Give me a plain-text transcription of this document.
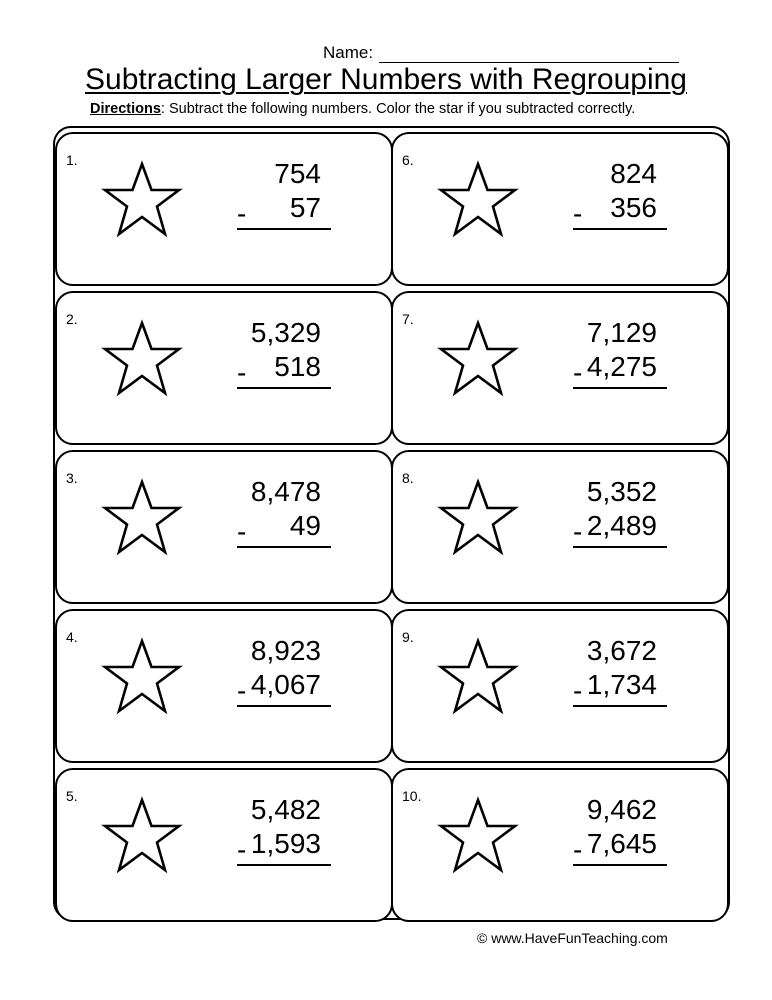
Name:
Subtracting Larger Numbers with Regrouping
Directions: Subtract the following numbers. Color the star if you subtracted correctly.
1.	754
- 57
2.	5,329
- 518
3.	8,478
- 49
4.	8,923
- 4,067
5.	5,482
- 1,593
6.	824
- 356
7.	7,129
- 4,275
8.	5,352
- 2,489
9.	3,672
- 1,734
10.	9,462
- 7,645
© www.HaveFunTeaching.com
